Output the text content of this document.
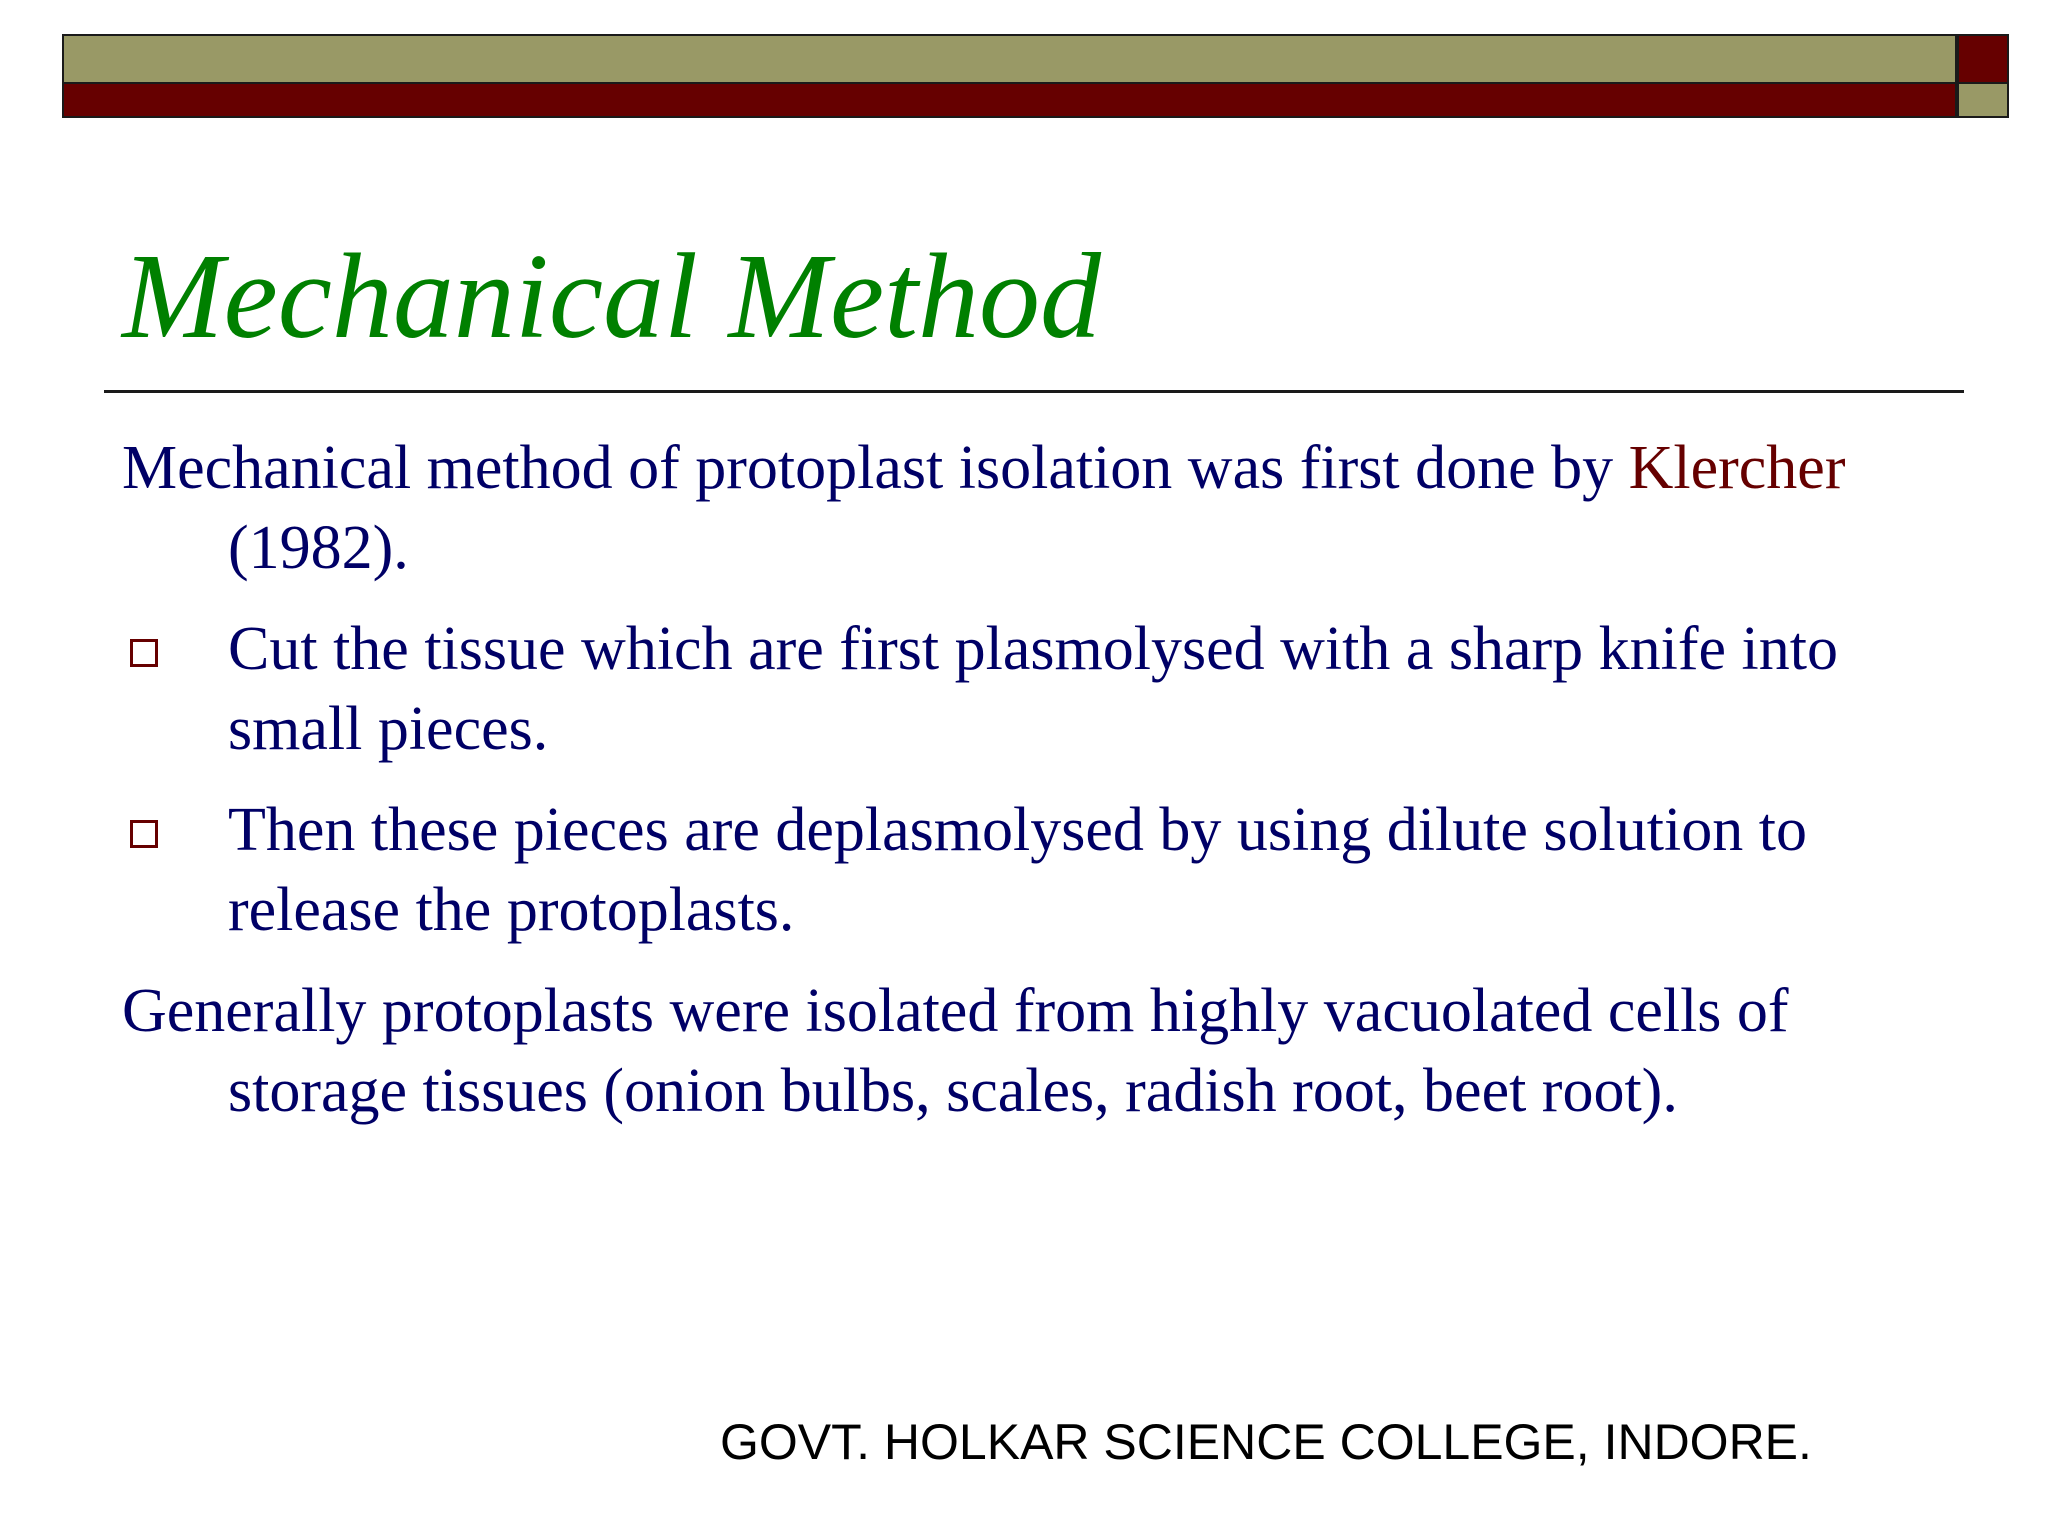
Mechanical Method

Mechanical method of protoplast isolation was first done by Klercher (1982).

Cut the tissue which are first plasmolysed with a sharp knife into small pieces.
Then these pieces are deplasmolysed by using dilute solution to release the protoplasts.

Generally protoplasts were isolated from highly vacuolated cells of storage tissues (onion bulbs, scales, radish root, beet root).

GOVT. HOLKAR SCIENCE COLLEGE, INDORE.
